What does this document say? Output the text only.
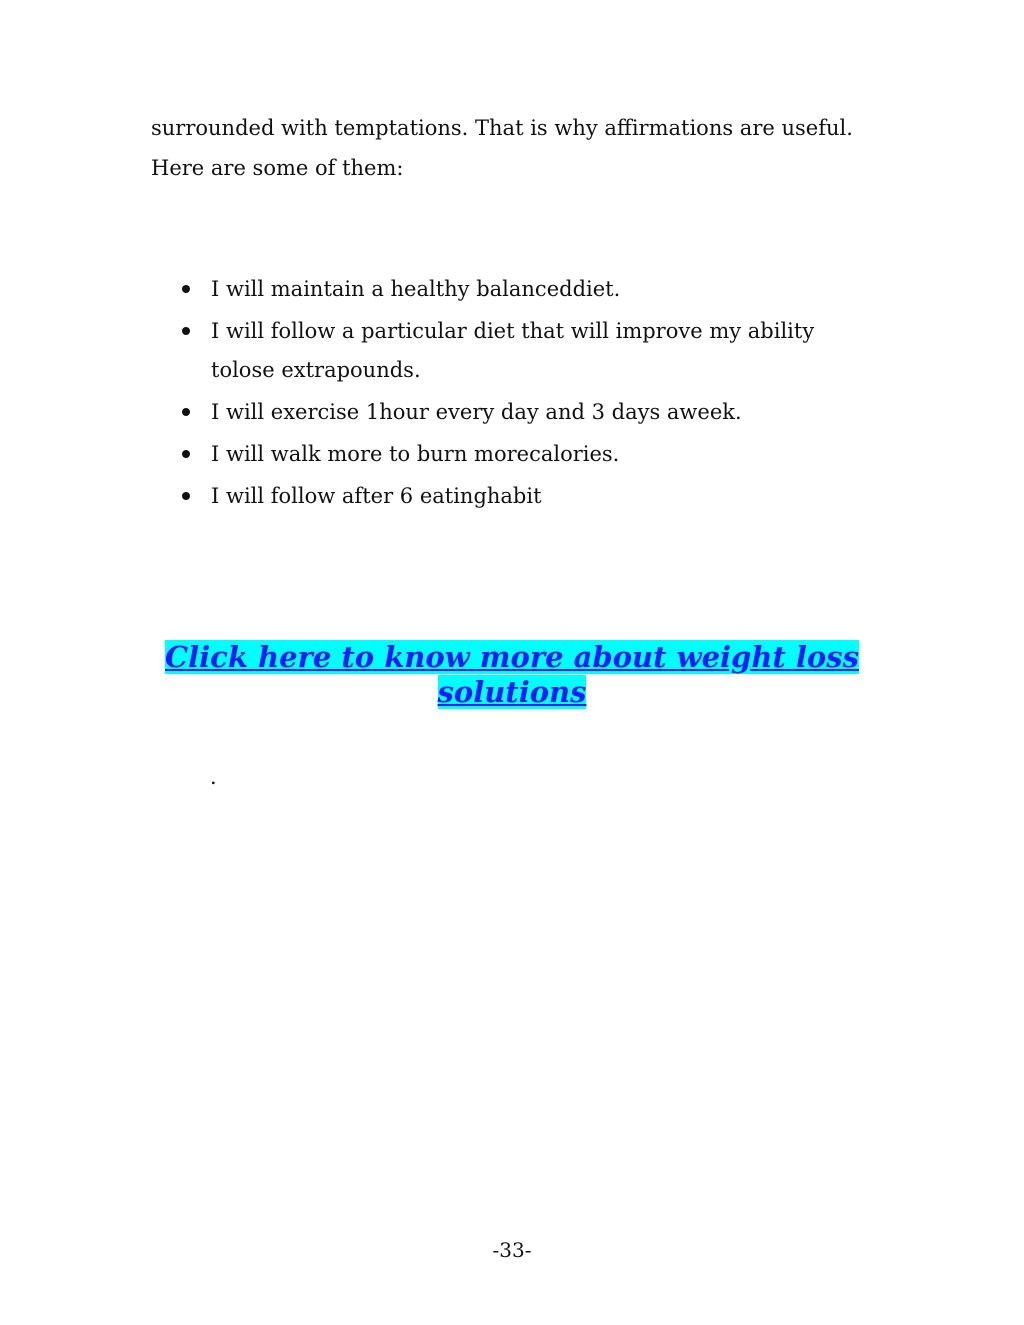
surrounded with temptations. That is why affirmations are useful.
Here are some of them:
I will maintain a healthy balanceddiet.
I will follow a particular diet that will improve my ability tolose extrapounds.
I will exercise 1hour every day and 3 days aweek.
I will walk more to burn morecalories.
I will follow after 6 eatinghabit
Click here to know more about weight loss
solutions
.
-33-
